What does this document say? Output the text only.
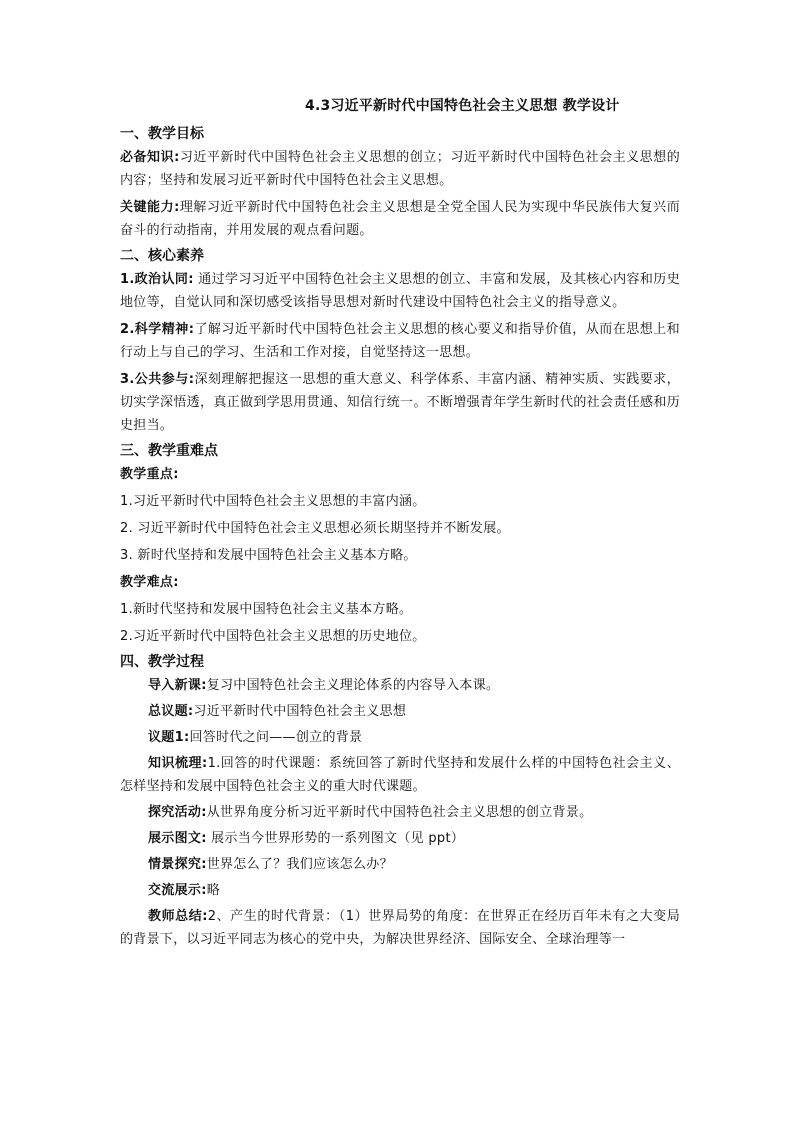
4.3习近平新时代中国特色社会主义思想 教学设计
一、教学目标

必备知识:习近平新时代中国特色社会主义思想的创立；习近平新时代中国特色社会主义思想的内容；坚持和发展习近平新时代中国特色社会主义思想。

关键能力:理解习近平新时代中国特色社会主义思想是全党全国人民为实现中华民族伟大复兴而奋斗的行动指南，并用发展的观点看问题。

二、核心素养

1.政治认同: 通过学习习近平中国特色社会主义思想的创立、丰富和发展，及其核心内容和历史地位等，自觉认同和深切感受该指导思想对新时代建设中国特色社会主义的指导意义。

2.科学精神:了解习近平新时代中国特色社会主义思想的核心要义和指导价值，从而在思想上和行动上与自己的学习、生活和工作对接，自觉坚持这一思想。

3.公共参与:深刻理解把握这一思想的重大意义、科学体系、丰富内涵、精神实质、实践要求，切实学深悟透，真正做到学思用贯通、知信行统一。不断增强青年学生新时代的社会责任感和历史担当。

三、教学重难点

教学重点:

1.习近平新时代中国特色社会主义思想的丰富内涵。

2. 习近平新时代中国特色社会主义思想必须长期坚持并不断发展。

3. 新时代坚持和发展中国特色社会主义基本方略。

教学难点:

1.新时代坚持和发展中国特色社会主义基本方略。

2.习近平新时代中国特色社会主义思想的历史地位。

四、教学过程

导入新课:复习中国特色社会主义理论体系的内容导入本课。

总议题:习近平新时代中国特色社会主义思想

议题1:回答时代之问——创立的背景

知识梳理:1.回答的时代课题：系统回答了新时代坚持和发展什么样的中国特色社会主义、怎样坚持和发展中国特色社会主义的重大时代课题。

探究活动:从世界角度分析习近平新时代中国特色社会主义思想的创立背景。

展示图文: 展示当今世界形势的一系列图文（见 ppt）

情景探究:世界怎么了？我们应该怎么办？

交流展示:略

教师总结:2、产生的时代背景：（1）世界局势的角度：在世界正在经历百年未有之大变局的背景下，以习近平同志为核心的党中央，为解决世界经济、国际安全、全球治理等一
